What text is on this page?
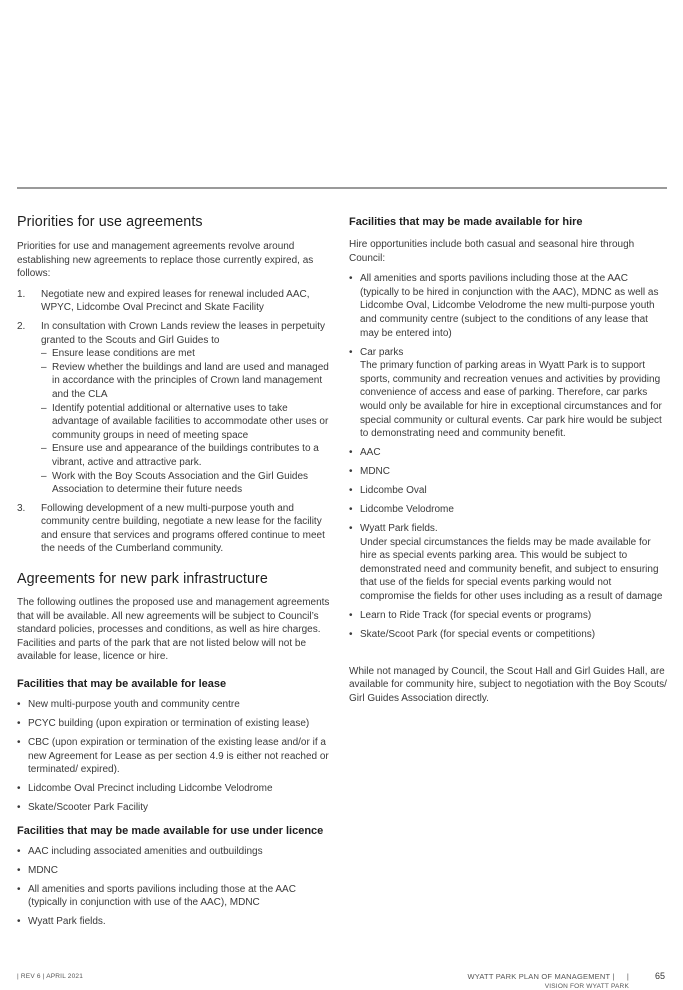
Priorities for use agreements

Priorities for use and management agreements revolve around establishing new agreements to replace those currently expired, as follows:

1. Negotiate new and expired leases for renewal included AAC, WPYC, Lidcombe Oval Precinct and Skate Facility
2. In consultation with Crown Lands review the leases in perpetuity granted to the Scouts and Girl Guides to
– Ensure lease conditions are met
– Review whether the buildings and land are used and managed in accordance with the principles of Crown land management and the CLA
– Identify potential additional or alternative uses to take advantage of available facilities to accommodate other uses or community groups in need of meeting space
– Ensure use and appearance of the buildings contributes to a vibrant, active and attractive park.
– Work with the Boy Scouts Association and the Girl Guides Association to determine their future needs
3. Following development of a new multi-purpose youth and community centre building, negotiate a new lease for the facility and ensure that services and programs offered continue to meet the needs of the Cumberland community.
Agreements for new park infrastructure

The following outlines the proposed use and management agreements that will be available. All new agreements will be subject to Council’s standard policies, processes and conditions, as well as hire charges. Facilities and parts of the park that are not listed below will not be available for lease, licence or hire.

Facilities that may be available for lease
• New multi-purpose youth and community centre
• PCYC building (upon expiration or termination of existing lease)
• CBC (upon expiration or termination of the existing lease and/or if a new Agreement for Lease as per section 4.9 is either not reached or terminated/ expired).
• Lidcombe Oval Precinct including Lidcombe Velodrome
• Skate/Scooter Park Facility
Facilities that may be made available for use under licence
• AAC including associated amenities and outbuildings
• MDNC
• All amenities and sports pavilions including those at the AAC (typically in conjunction with use of the AAC), MDNC
• Wyatt Park fields.
Facilities that may be made available for hire

Hire opportunities include both casual and seasonal hire through Council:

• All amenities and sports pavilions including those at the AAC (typically to be hired in conjunction with the AAC), MDNC as well as Lidcombe Oval, Lidcombe Velodrome the new multi-purpose youth and community centre (subject to the conditions of any lease that may be entered into)
• Car parks
The primary function of parking areas in Wyatt Park is to support sports, community and recreation venues and activities by providing convenience of access and ease of parking. Therefore, car parks would only be available for hire in exceptional circumstances and for special community or cultural events. Car park hire would be subject to demonstrating need and community benefit.
• AAC
• MDNC
• Lidcombe Oval
• Lidcombe Velodrome
• Wyatt Park fields.
Under special circumstances the fields may be made available for hire as special events parking area. This would be subject to demonstrated need and community benefit, and subject to ensuring that use of the fields for special events parking would not compromise the fields for other uses including as a result of damage
• Learn to Ride Track (for special events or programs)
• Skate/Scoot Park (for special events or competitions)

While not managed by Council, the Scout Hall and Girl Guides Hall, are available for community hire, subject to negotiation with the Boy Scouts/ Girl Guides Association directly.

| REV 6 | APRIL 2021	WYATT PARK PLAN OF MANAGEMENT | |
VISION FOR WYATT PARK
65
